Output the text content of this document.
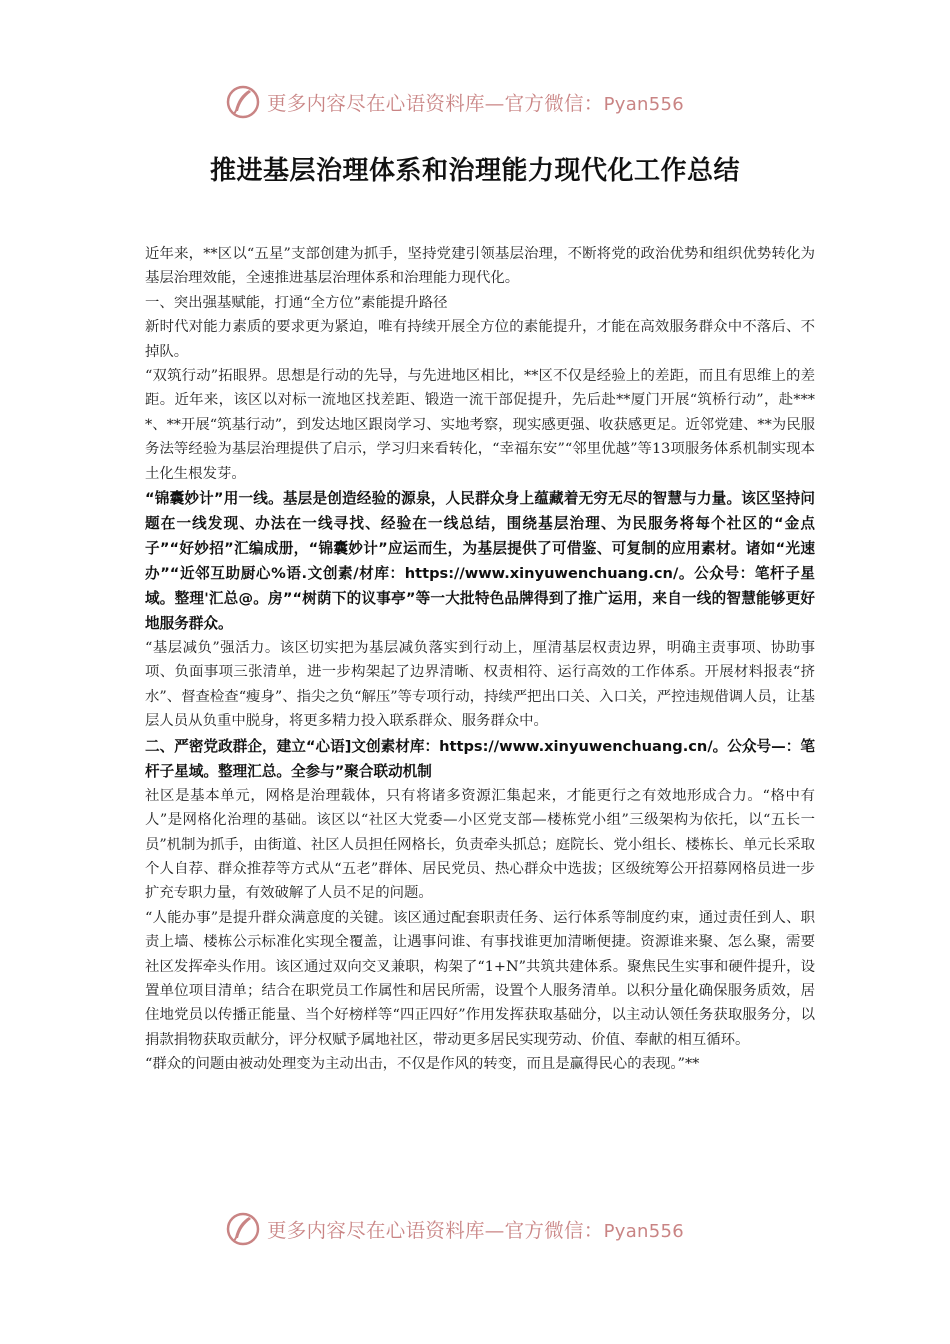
更多内容尽在心语资料库—官方微信：Pyan556
推进基层治理体系和治理能力现代化工作总结

近年来，**区以“五星”支部创建为抓手，坚持党建引领基层治理，不断将党的政治优势和组织优势转化为基层治理效能，全速推进基层治理体系和治理能力现代化。

一、突出强基赋能，打通“全方位”素能提升路径

新时代对能力素质的要求更为紧迫，唯有持续开展全方位的素能提升，才能在高效服务群众中不落后、不掉队。

“双筑行动”拓眼界。思想是行动的先导，与先进地区相比，**区不仅是经验上的差距，而且有思维上的差距。近年来，该区以对标一流地区找差距、锻造一流干部促提升，先后赴**厦门开展“筑桥行动”，赴****、**开展“筑基行动”，到发达地区跟岗学习、实地考察，现实感更强、收获感更足。近邻党建、**为民服务法等经验为基层治理提供了启示，学习归来看转化，“幸福东安”“邻里优越”等13项服务体系机制实现本土化生根发芽。

“锦囊妙计”用一线。基层是创造经验的源泉，人民群众身上蕴藏着无穷无尽的智慧与力量。该区坚持问题在一线发现、办法在一线寻找、经验在一线总结，围绕基层治理、为民服务将每个社区的“金点子”“好妙招”汇编成册，“锦囊妙计”应运而生，为基层提供了可借鉴、可复制的应用素材。诸如“光速办”“近邻互助厨心%语.文创素/材库：https://www.xinyuwenchuang.cn/。公众号：笔杆子星域。整理'汇总@。房”“树荫下的议事亭”等一大批特色品牌得到了推广运用，来自一线的智慧能够更好地服务群众。

“基层减负”强活力。该区切实把为基层减负落实到行动上，厘清基层权责边界，明确主责事项、协助事项、负面事项三张清单，进一步构架起了边界清晰、权责相符、运行高效的工作体系。开展材料报表“挤水”、督查检查“瘦身”、指尖之负“解压”等专项行动，持续严把出口关、入口关，严控违规借调人员，让基层人员从负重中脱身，将更多精力投入联系群众、服务群众中。

二、严密党政群企，建立“心语]文创素材库：https://www.xinyuwenchuang.cn/。公众号—：笔杆子星域。整理汇总。全参与”聚合联动机制

社区是基本单元，网格是治理载体，只有将诸多资源汇集起来，才能更行之有效地形成合力。“格中有人”是网格化治理的基础。该区以“社区大党委—小区党支部—楼栋党小组”三级架构为依托，以“五长一员”机制为抓手，由街道、社区人员担任网格长，负责牵头抓总；庭院长、党小组长、楼栋长、单元长采取个人自荐、群众推荐等方式从“五老”群体、居民党员、热心群众中选拔；区级统筹公开招募网格员进一步扩充专职力量，有效破解了人员不足的问题。

“人能办事”是提升群众满意度的关键。该区通过配套职责任务、运行体系等制度约束，通过责任到人、职责上墙、楼栋公示标准化实现全覆盖，让遇事问谁、有事找谁更加清晰便捷。资源谁来聚、怎么聚，需要社区发挥牵头作用。该区通过双向交叉兼职，构架了“1+N”共筑共建体系。聚焦民生实事和硬件提升，设置单位项目清单；结合在职党员工作属性和居民所需，设置个人服务清单。以积分量化确保服务质效，居住地党员以传播正能量、当个好榜样等“四正四好”作用发挥获取基础分，以主动认领任务获取服务分，以捐款捐物获取贡献分，评分权赋予属地社区，带动更多居民实现劳动、价值、奉献的相互循环。

“群众的问题由被动处理变为主动出击，不仅是作风的转变，而且是赢得民心的表现。”**

更多内容尽在心语资料库—官方微信：Pyan556
